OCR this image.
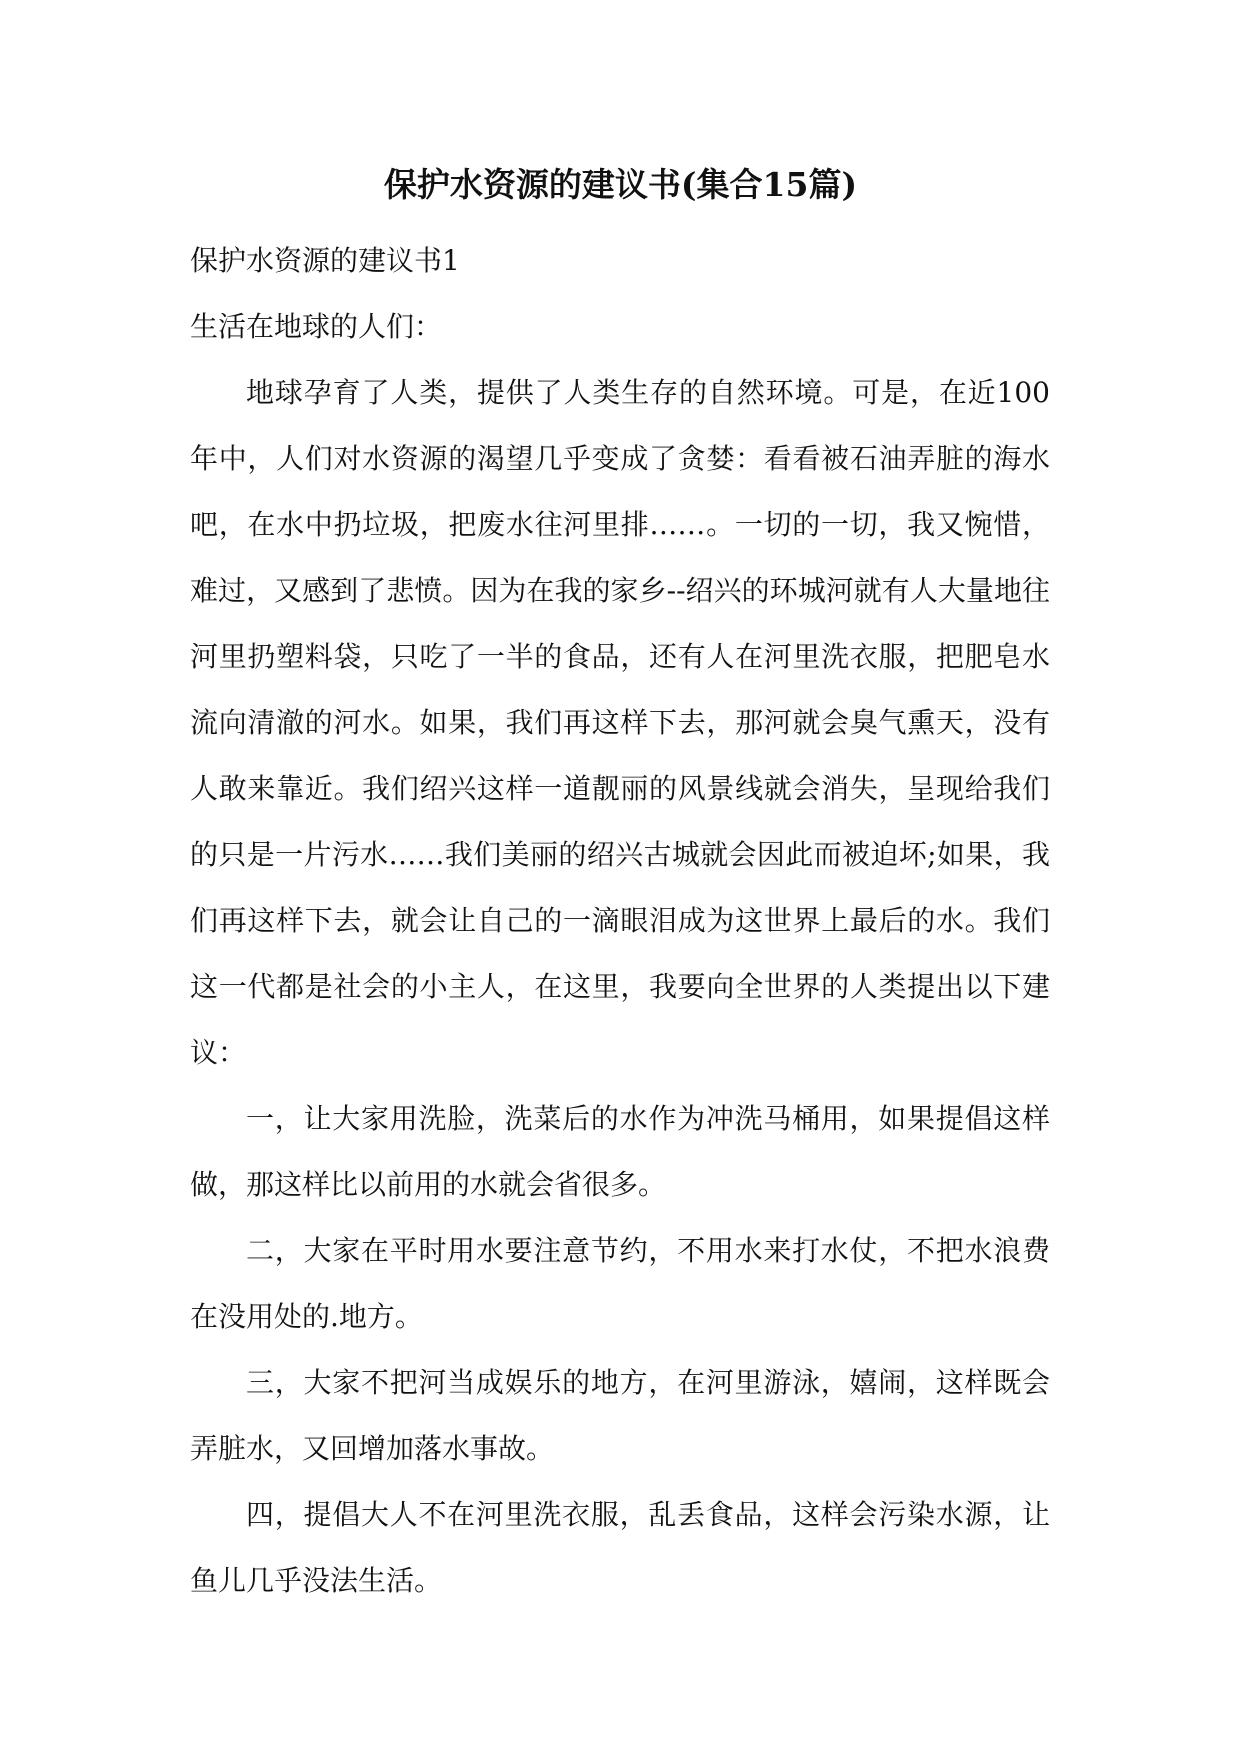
保护水资源的建议书(集合15篇)

保护水资源的建议书1

生活在地球的人们：

地球孕育了人类，提供了人类生存的自然环境。可是，在近100年中，人们对水资源的渴望几乎变成了贪婪：看看被石油弄脏的海水吧，在水中扔垃圾，把废水往河里排……。一切的一切，我又惋惜，难过，又感到了悲愤。因为在我的家乡--绍兴的环城河就有人大量地往河里扔塑料袋，只吃了一半的食品，还有人在河里洗衣服，把肥皂水流向清澈的河水。如果，我们再这样下去，那河就会臭气熏天，没有人敢来靠近。我们绍兴这样一道靓丽的风景线就会消失，呈现给我们的只是一片污水……我们美丽的绍兴古城就会因此而被迫坏;如果，我们再这样下去，就会让自己的一滴眼泪成为这世界上最后的水。我们这一代都是社会的小主人，在这里，我要向全世界的人类提出以下建议：

一，让大家用洗脸，洗菜后的水作为冲洗马桶用，如果提倡这样做，那这样比以前用的水就会省很多。

二，大家在平时用水要注意节约，不用水来打水仗，不把水浪费在没用处的.地方。

三，大家不把河当成娱乐的地方，在河里游泳，嬉闹，这样既会弄脏水，又回增加落水事故。

四，提倡大人不在河里洗衣服，乱丢食品，这样会污染水源，让鱼儿几乎没法生活。
